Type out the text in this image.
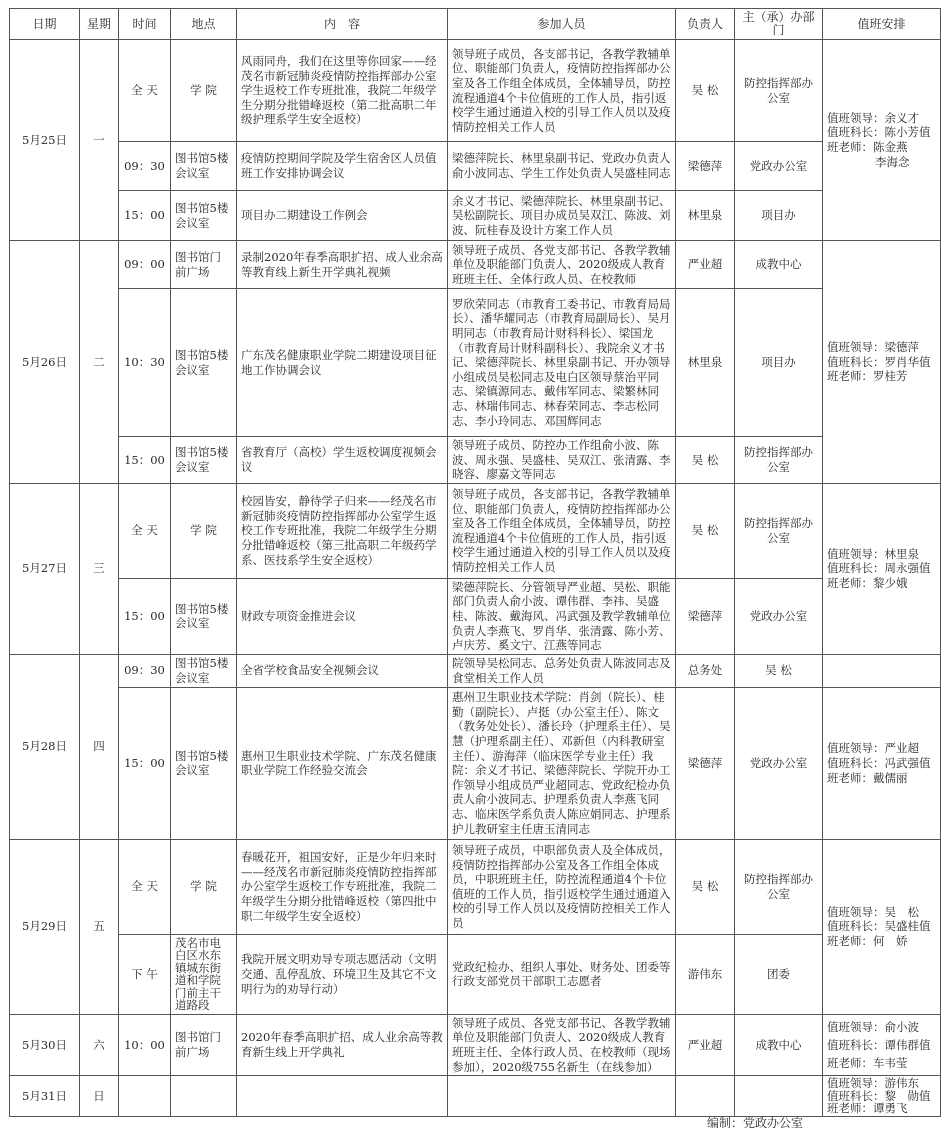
日期	星期	时间	地点	内　容	参加人员	负责人	主（承）办部门	值班安排
5月25日	一	全 天	学 院	风雨同舟，我们在这里等你回家——经茂名市新冠肺炎疫情防控指挥部办公室学生返校工作专班批准，我院二年级学生分期分批错峰返校（第二批高职二年级护理系学生安全返校）	领导班子成员，各支部书记，各教学教辅单位、职能部门负责人，疫情防控指挥部办公室及各工作组全体成员，全体辅导员，防控流程通道4个卡位值班的工作人员，指引返校学生通过通道入校的引导工作人员以及疫情防控相关工作人员	吴 松	防控指挥部办公室	值班领导：余义才
值班科长：陈小芳值
班老师：陈金燕
李海念

		09：30	图书馆5楼会议室	疫情防控期间学院及学生宿舍区人员值班工作安排协调会议	梁德萍院长、林里泉副书记、党政办负责人俞小波同志、学生工作处负责人吴盛桂同志	梁德萍	党政办公室	
		15：00	图书馆5楼会议室	项目办二期建设工作例会	余义才书记、梁德萍院长、林里泉副书记、吴松副院长、项目办成员吴双江、陈波、刘波、阮桂春及设计方案工作人员	林里泉	项目办	
5月26日	二	09：00	图书馆门前广场	录制2020年春季高职扩招、成人业余高等教育线上新生开学典礼视频	领导班子成员、各党支部书记、各教学教辅单位及职能部门负责人、2020级成人教育班班主任、全体行政人员、在校教师	严业超	成教中心	值班领导：梁德萍
值班科长：罗肖华值
班老师：罗桂芳

		10：30	图书馆5楼会议室	广东茂名健康职业学院二期建设项目征地工作协调会议	罗欣荣同志（市教育工委书记、市教育局局长）、潘华耀同志（市教育局副局长）、吴月明同志（市教育局计财科科长）、梁国龙（市教育局计财科副科长）、我院余义才书记、梁德萍院长、林里泉副书记、开办领导小组成员吴松同志及电白区领导蔡治平同志、梁镇源同志、戴伟军同志、梁繁林同志、林瑞伟同志、林春荣同志、李志松同志、李小玲同志、邓国辉同志	林里泉	项目办	
		15：00	图书馆5楼会议室	省教育厅（高校）学生返校调度视频会议	领导班子成员、防控办工作组俞小波、陈波、周永强、吴盛桂、吴双江、张清露、李晓容、廖嘉文等同志	吴 松	防控指挥部办公室	
5月27日	三	全 天	学 院	校园皆安，静待学子归来——经茂名市新冠肺炎疫情防控指挥部办公室学生返校工作专班批准，我院二年级学生分期分批错峰返校（第三批高职二年级药学系、医技系学生安全返校）	领导班子成员，各支部书记，各教学教辅单位、职能部门负责人，疫情防控指挥部办公室及各工作组全体成员，全体辅导员，防控流程通道4个卡位值班的工作人员，指引返校学生通过通道入校的引导工作人员以及疫情防控相关工作人员	吴 松	防控指挥部办公室	值班领导：林里泉
值班科长：周永强值
班老师：黎少娥

		15：00	图书馆5楼会议室	财政专项资金推进会议	梁德萍院长、分管领导严业超、吴松、职能部门负责人俞小波、谭伟群、李祎、吴盛桂、陈波、戴海风、冯武强及教学教辅单位负责人李燕飞、罗肖华、张清露、陈小芳、卢庆芳、奚文宁、江燕等同志	梁德萍	党政办公室	
5月28日	四	09：30	图书馆5楼会议室	全省学校食品安全视频会议	院领导吴松同志、总务处负责人陈波同志及食堂相关工作人员	总务处	吴 松	
		15：00	图书馆5楼会议室	惠州卫生职业技术学院、广东茂名健康职业学院工作经验交流会	惠州卫生职业技术学院：肖剑（院长）、桂勤（副院长）、卢挺（办公室主任）、陈文（教务处处长）、潘长玲（护理系主任）、吴慧（护理系副主任）、邓新但（内科教研室主任）、游海萍（临床医学专业主任）我院：余义才书记、梁德萍院长、学院开办工作领导小组成员严业超同志、党政纪检办负责人俞小波同志、护理系负责人李燕飞同志、临床医学系负责人陈应娟同志、护理系护儿教研室主任唐玉清同志	梁德萍	党政办公室	值班领导：严业超
值班科长：冯武强值
班老师：戴儒丽

5月29日	五	全 天	学 院	春暖花开，祖国安好，正是少年归来时——经茂名市新冠肺炎疫情防控指挥部办公室学生返校工作专班批准，我院二年级学生分期分批错峰返校（第四批中职二年级学生安全返校）	领导班子成员，中职部负责人及全体成员，疫情防控指挥部办公室及各工作组全体成员，中职班班主任，防控流程通道4个卡位值班的工作人员，指引返校学生通过通道入校的引导工作人员以及疫情防控相关工作人员	吴 松	防控指挥部办公室	值班领导：吴　松
值班科长：吴盛桂值
班老师：何　娇

		下 午	茂名市电白区水东镇城东街道和学院门前主干道路段	我院开展文明劝导专项志愿活动（文明交通、乱停乱放、环境卫生及其它不文明行为的劝导行动）	党政纪检办、组织人事处、财务处、团委等行政支部党员干部职工志愿者	游伟东	团委	
5月30日	六	10：00	图书馆门前广场	2020年春季高职扩招、成人业余高等教育新生线上开学典礼	领导班子成员、各党支部书记、各教学教辅单位及职能部门负责人、2020级成人教育班班主任、全体行政人员、在校教师（现场参加），2020级755名新生（在线参加）	严业超	成教中心	值班领导：俞小波
值班科长：谭伟群值
班老师：车韦莹

5月31日	日							值班领导：游伟东
值班科长：黎　勋值
班老师：谭勇飞
编制：党政办公室
